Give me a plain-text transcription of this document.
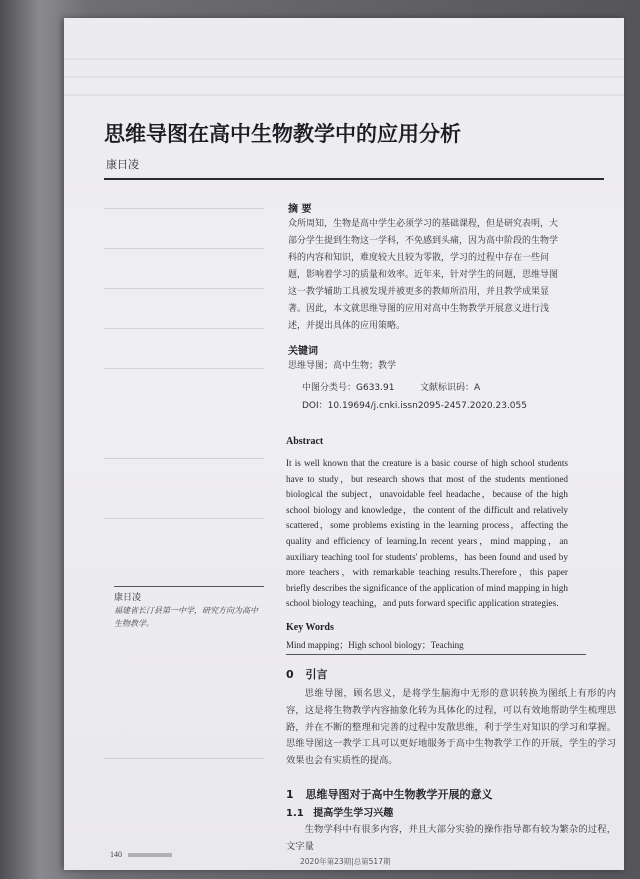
思维导图在高中生物教学中的应用分析
康日凌
摘 要
众所周知，生物是高中学生必须学习的基础课程，但是研究表明，大部分学生提到生物这一学科，不免感到头痛，因为高中阶段的生物学科的内容和知识，难度较大且较为零散，学习的过程中存在一些问题，影响着学习的质量和效率。近年来，针对学生的问题，思维导图这一教学辅助工具被发现并被更多的教师所沿用，并且教学成果显著。因此，本文就思维导图的应用对高中生物教学开展意义进行浅述，并提出具体的应用策略。
关键词
思维导图；高中生物；教学
中图分类号：G633.91	文献标识码：A
DOI：10.19694/j.cnki.issn2095-2457.2020.23.055
Abstract
It is well known that the creature is a basic course of high school students have to study，but research shows that most of the students mentioned biological the subject，unavoidable feel headache，because of the high school biology and knowledge，the content of the difficult and relatively scattered，some problems existing in the learning process，affecting the quality and efficiency of learning.In recent years，mind mapping，an auxiliary teaching tool for students' problems，has been found and used by more teachers，with remarkable teaching results.Therefore，this paper briefly describes the significance of the application of mind mapping in high school biology teaching，and puts forward specific application strategies.
Key Words
Mind mapping；High school biology；Teaching
康日凌
福建省长汀县第一中学，研究方向为高中生物教学。
0 引言
思维导图，顾名思义，是将学生脑海中无形的意识转换为图纸上有形的内容，这是将生物教学内容抽象化转为具体化的过程，可以有效地帮助学生梳理思路，并在不断的整理和完善的过程中发散思维，利于学生对知识的学习和掌握。思维导图这一教学工具可以更好地服务于高中生物教学工作的开展，学生的学习效果也会有实质性的提高。
1 思维导图对于高中生物教学开展的意义
1.1 提高学生学习兴趣
生物学科中有很多内容，并且大部分实验的操作指导都有较为繁杂的过程，文字量
140
2020年第23期|总第517期
